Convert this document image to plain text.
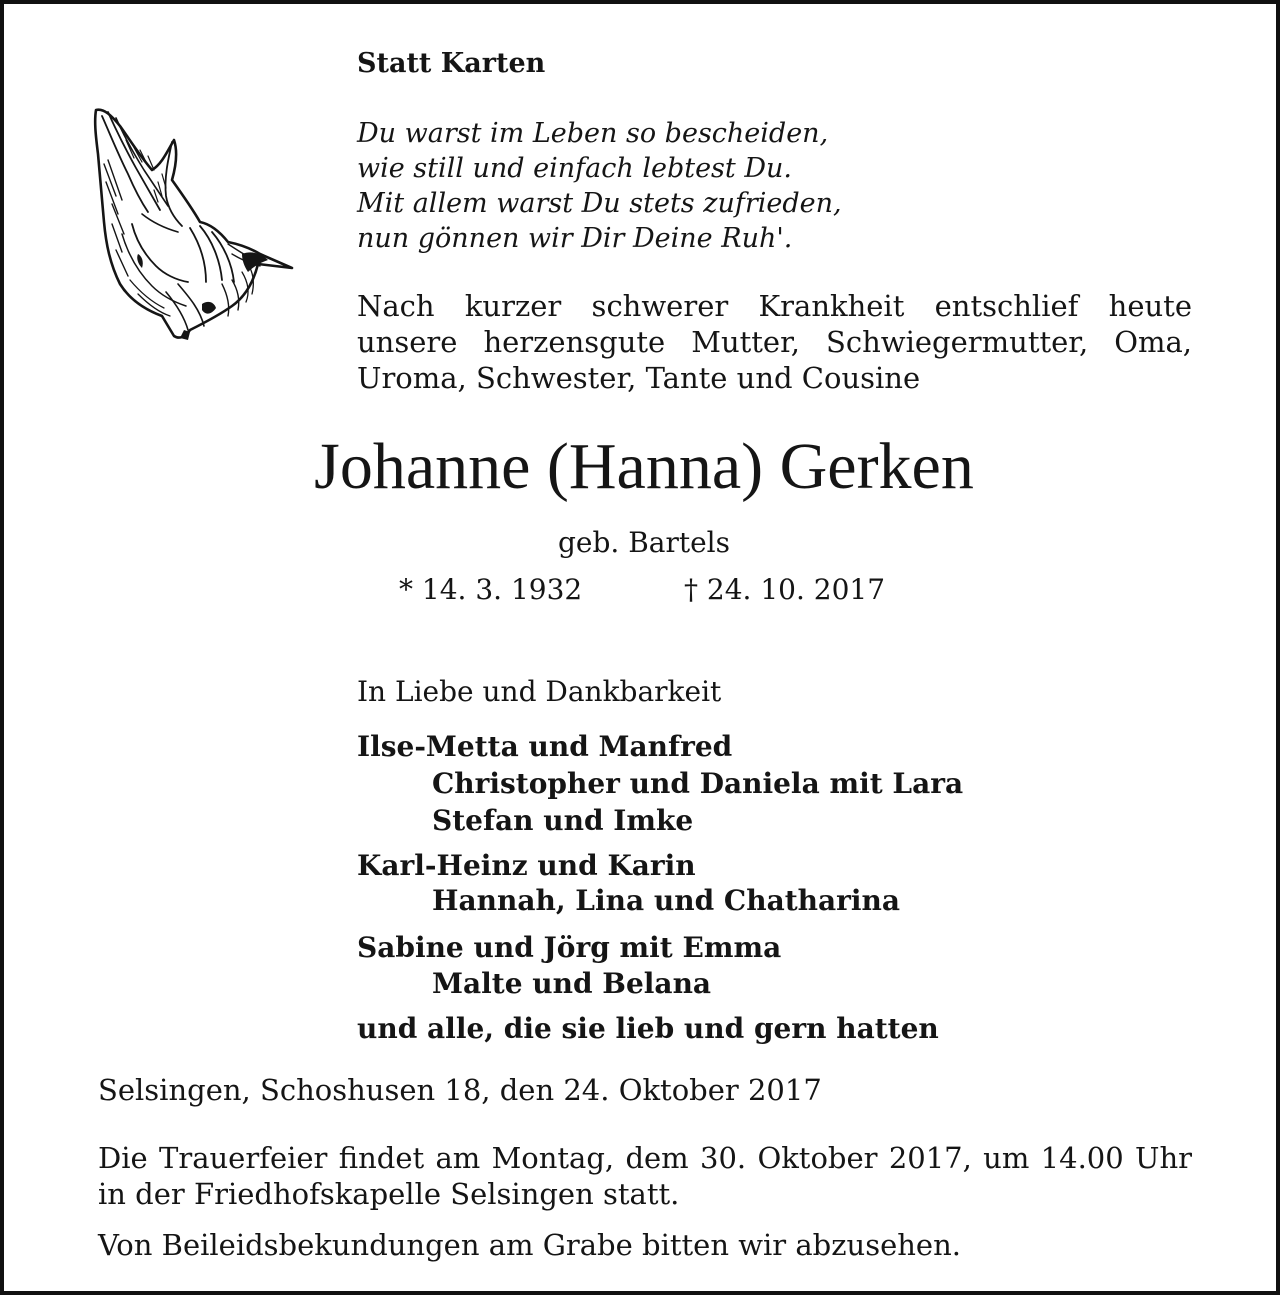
Statt Karten

Du warst im Leben so bescheiden,
wie still und einfach lebtest Du.
Mit allem warst Du stets zufrieden,
nun gönnen wir Dir Deine Ruh'.

Nach kurzer schwerer Krankheit entschlief heute unsere herzensgute Mutter, Schwiegermutter, Oma, Uroma, Schwester, Tante und Cousine

Johanne (Hanna) Gerken

geb. Bartels

* 14. 3. 1932	† 24. 10. 2017

In Liebe und Dankbarkeit

Ilse-Metta und Manfred

Christopher und Daniela mit Lara

Stefan und Imke

Karl-Heinz und Karin

Hannah, Lina und Chatharina

Sabine und Jörg mit Emma

Malte und Belana

und alle, die sie lieb und gern hatten

Selsingen, Schoshusen 18, den 24. Oktober 2017

Die Trauerfeier findet am Montag, dem 30. Oktober 2017, um 14.00 Uhr in der Friedhofskapelle Selsingen statt.

Von Beileidsbekundungen am Grabe bitten wir abzusehen.
